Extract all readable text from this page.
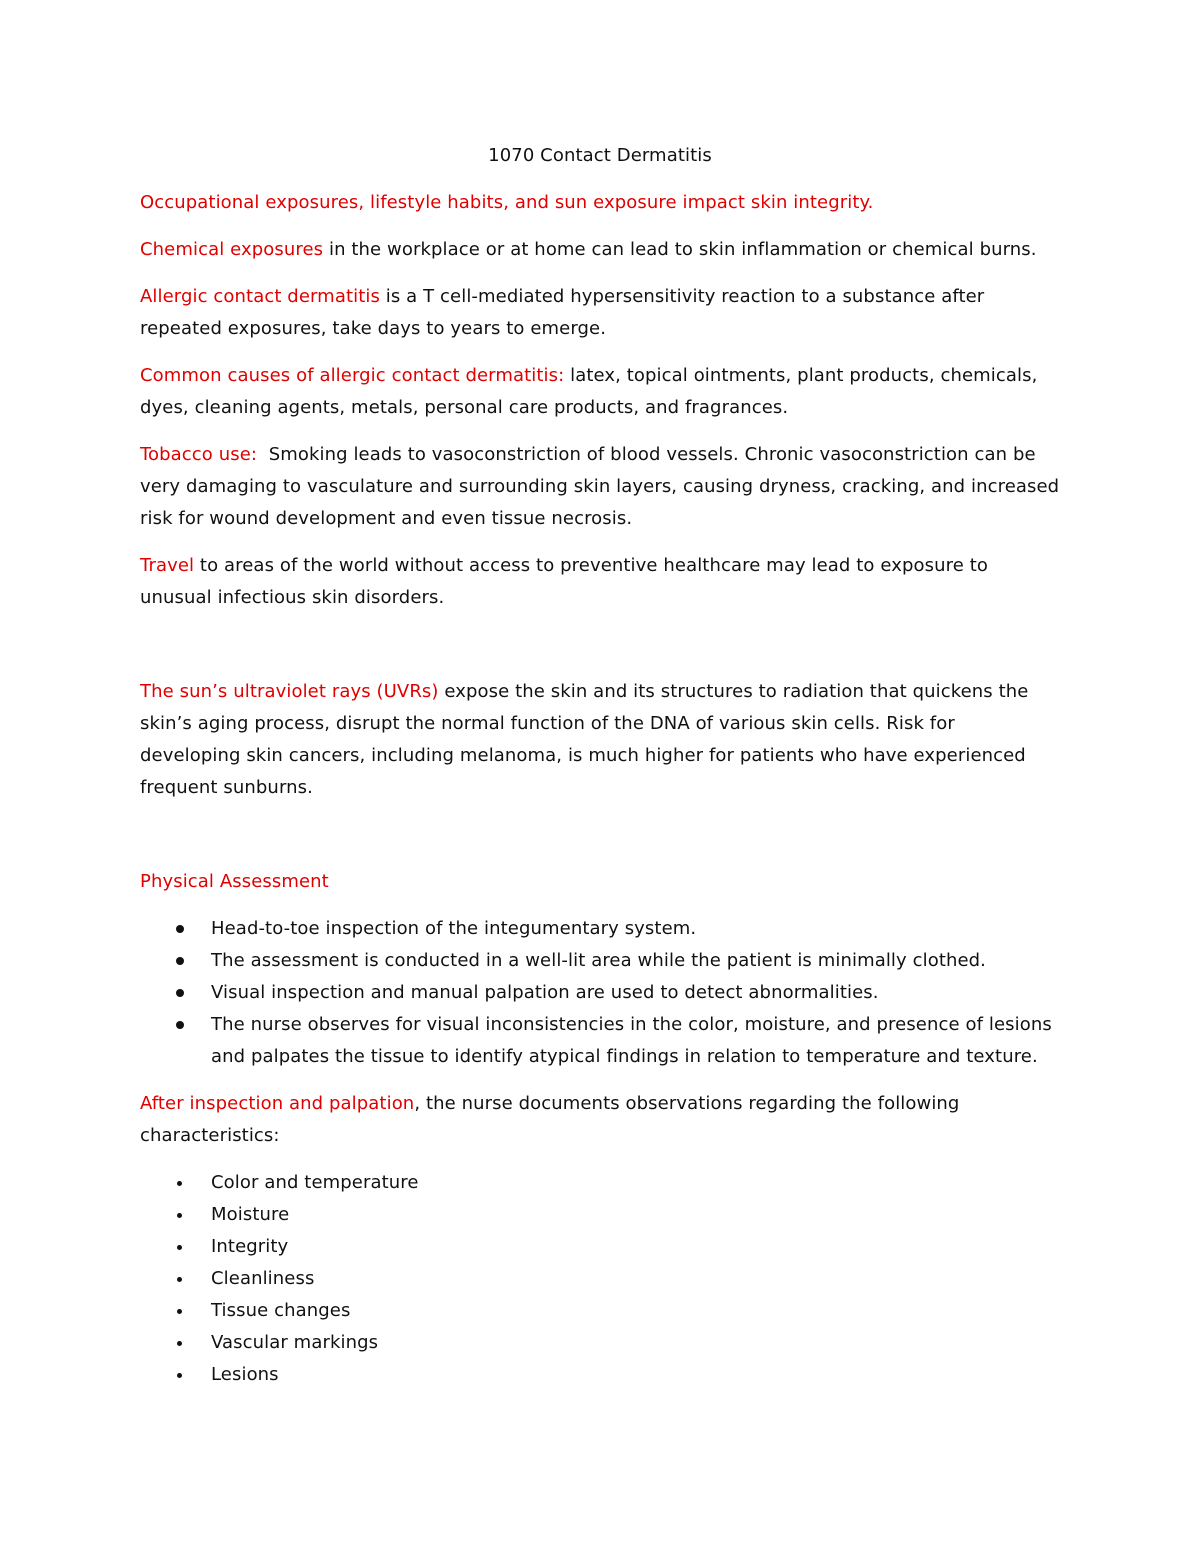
1070 Contact Dermatitis

Occupational exposures, lifestyle habits, and sun exposure impact skin integrity.

Chemical exposures in the workplace or at home can lead to skin inflammation or chemical burns.

Allergic contact dermatitis is a T cell-mediated hypersensitivity reaction to a substance after repeated exposures, take days to years to emerge.

Common causes of allergic contact dermatitis: latex, topical ointments, plant products, chemicals, dyes, cleaning agents, metals, personal care products, and fragrances.

Tobacco use:  Smoking leads to vasoconstriction of blood vessels. Chronic vasoconstriction can be very damaging to vasculature and surrounding skin layers, causing dryness, cracking, and increased risk for wound development and even tissue necrosis.

Travel to areas of the world without access to preventive healthcare may lead to exposure to unusual infectious skin disorders.

The sun’s ultraviolet rays (UVRs) expose the skin and its structures to radiation that quickens the skin’s aging process, disrupt the normal function of the DNA of various skin cells. Risk for developing skin cancers, including melanoma, is much higher for patients who have experienced frequent sunburns.

Physical Assessment

Head-to-toe inspection of the integumentary system.
The assessment is conducted in a well-lit area while the patient is minimally clothed.
Visual inspection and manual palpation are used to detect abnormalities.
The nurse observes for visual inconsistencies in the color, moisture, and presence of lesions and palpates the tissue to identify atypical findings in relation to temperature and texture.

After inspection and palpation, the nurse documents observations regarding the following characteristics:

Color and temperature
Moisture
Integrity
Cleanliness
Tissue changes
Vascular markings
Lesions
